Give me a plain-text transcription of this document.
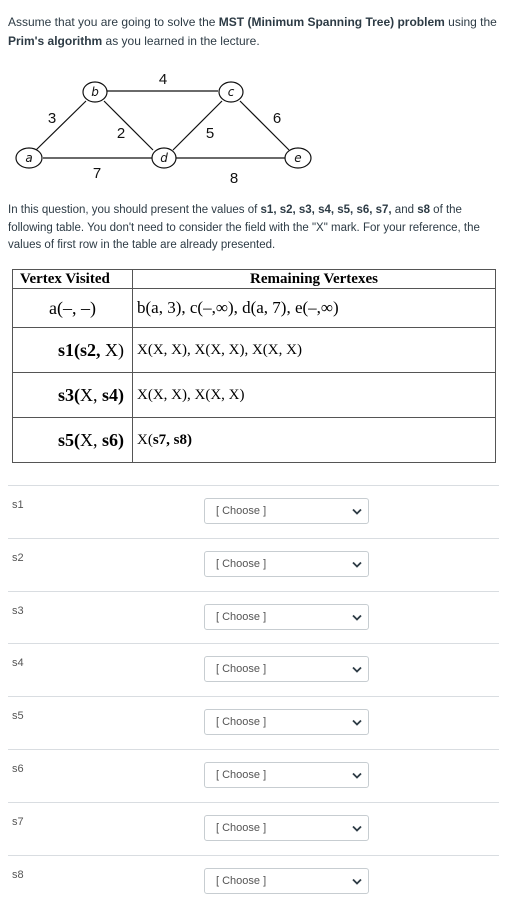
Assume that you are going to solve the MST (Minimum Spanning Tree) problem using the Prim's algorithm as you learned in the lecture.
a
b	c
d	e
3
4
2
7
5
6
8
In this question, you should present the values of s1, s2, s3, s4, s5, s6, s7, and s8 of the following table. You don't need to consider the field with the "X" mark. For your reference, the values of first row in the table are already presented.
Vertex Visited	Remaining Vertexes
a(–, –)	b(a, 3), c(–,∞), d(a, 7), e(–,∞)
s1(s2, X)	X(X, X), X(X, X), X(X, X)
s3(X, s4)	X(X, X), X(X, X)
s5(X, s6)	X(s7, s8)
s1	[ Choose ]
s2	[ Choose ]
s3	[ Choose ]
s4	[ Choose ]
s5	[ Choose ]
s6	[ Choose ]
s7	[ Choose ]
s8	[ Choose ]
